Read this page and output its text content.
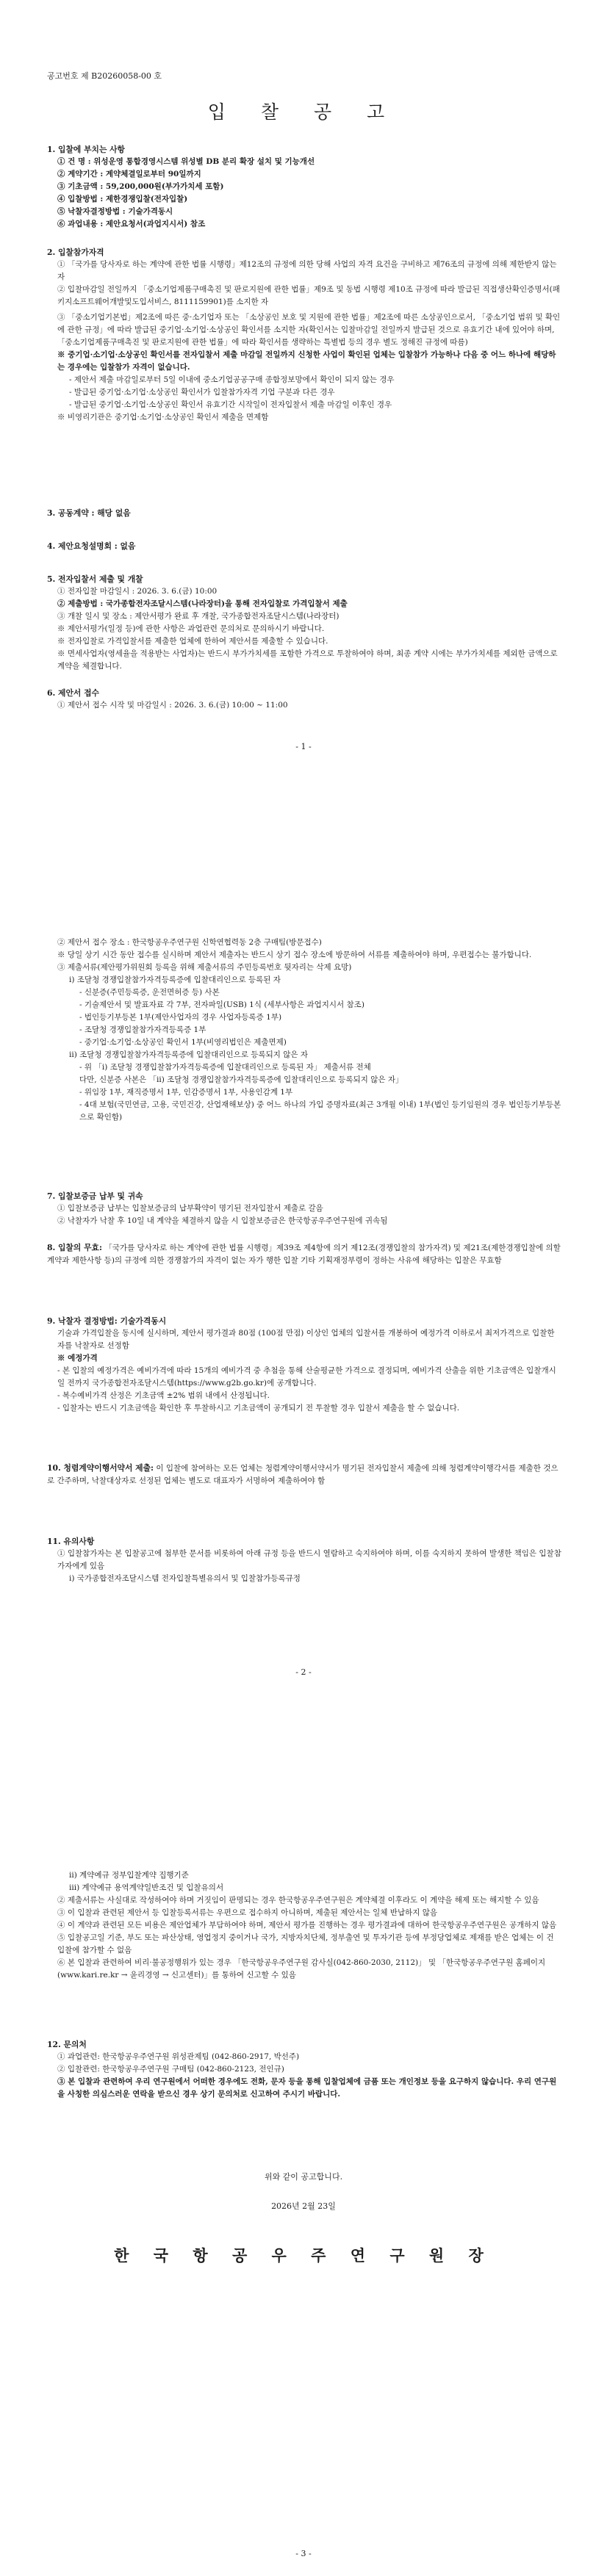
공고번호 제 B20260058-00 호
입 찰 공 고
1. 입찰에 부치는 사항
① 건 명 : 위성운영 통합경영시스템 위성별 DB 분리 확장 설치 및 기능개선
② 계약기간 : 계약체결일로부터 90일까지
③ 기초금액 : 59,200,000원(부가가치세 포함)
④ 입찰방법 : 제한경쟁입찰(전자입찰)
⑤ 낙찰자결정방법 : 기술가격동시
⑥ 과업내용 : 제안요청서(과업지시서) 참조
2. 입찰참가자격
① 「국가를 당사자로 하는 계약에 관한 법률 시행령」제12조의 규정에 의한 당해 사업의 자격 요건을 구비하고 제76조의 규정에 의해 제한받지 않는 자
② 입찰마감일 전일까지 「중소기업제품구매촉진 및 판로지원에 관한 법률」제9조 및 동법 시행령 제10조 규정에 따라 발급된 직접생산확인증명서(패키지소프트웨어개발및도입서비스, 8111159901)를 소지한 자
③ 「중소기업기본법」제2조에 따른 중·소기업자 또는 「소상공인 보호 및 지원에 관한 법률」제2조에 따른 소상공인으로서, 「중소기업 범위 및 확인에 관한 규정」에 따라 발급된 중기업·소기업·소상공인 확인서를 소지한 자(확인서는 입찰마감일 전일까지 발급된 것으로 유효기간 내에 있어야 하며, 「중소기업제품구매촉진 및 판로지원에 관한 법률」에 따라 확인서를 생략하는 특별법 등의 경우 별도 정해진 규정에 따름)
※ 중기업·소기업·소상공인 확인서를 전자입찰서 제출 마감일 전일까지 신청한 사업이 확인된 업체는 입찰참가 가능하나 다음 중 어느 하나에 해당하는 경우에는 입찰참가 자격이 없습니다.
- 제안서 제출 마감일로부터 5일 이내에 중소기업공공구매 종합정보망에서 확인이 되지 않는 경우
- 발급된 중기업·소기업·소상공인 확인서가 입찰참가자격 기업 구분과 다른 경우
- 발급된 중기업·소기업·소상공인 확인서 유효기간 시작일이 전자입찰서 제출 마감일 이후인 경우
※ 비영리기관은 중기업·소기업·소상공인 확인서 제출을 면제함
3. 공동계약 : 해당 없음
4. 제안요청설명회 : 없음
5. 전자입찰서 제출 및 개찰
① 전자입찰 마감일시 : 2026. 3. 6.(금) 10:00
② 제출방법 : 국가종합전자조달시스템(나라장터)을 통해 전자입찰로 가격입찰서 제출
③ 개찰 일시 및 장소 : 제안서평가 완료 후 개찰, 국가종합전자조달시스템(나라장터)
※ 제안서평가(일정 등)에 관한 사항은 과업관련 문의처로 문의하시기 바랍니다.
※ 전자입찰로 가격입찰서를 제출한 업체에 한하여 제안서를 제출할 수 있습니다.
※ 면세사업자(영세율을 적용받는 사업자)는 반드시 부가가치세를 포함한 가격으로 투찰하여야 하며, 최종 계약 시에는 부가가치세를 제외한 금액으로 계약을 체결합니다.
6. 제안서 접수
① 제안서 접수 시작 및 마감일시 : 2026. 3. 6.(금) 10:00 ~ 11:00
- 1 -
② 제안서 접수 장소 : 한국항공우주연구원 신학연협력동 2층 구매팀(방문접수)
※ 당일 상기 시간 동안 접수를 실시하며 제안서 제출자는 반드시 상기 접수 장소에 방문하여 서류를 제출하여야 하며, 우편접수는 불가합니다.
③ 제출서류(제안평가위원회 등록을 위해 제출서류의 주민등록번호 뒷자리는 삭제 요망)
ⅰ) 조달청 경쟁입찰참가자격등록증에 입찰대리인으로 등록된 자
- 신분증(주민등록증, 운전면허증 등) 사본
- 기술제안서 및 발표자료 각 7부, 전자파일(USB) 1식 (세부사항은 과업지시서 참조)
- 법인등기부등본 1부(제안사업자의 경우 사업자등록증 1부)
- 조달청 경쟁입찰참가자격등록증 1부
- 중기업·소기업·소상공인 확인서 1부(비영리법인은 제출면제)
ⅱ) 조달청 경쟁입찰참가자격등록증에 입찰대리인으로 등록되지 않은 자
- 위 「ⅰ) 조달청 경쟁입찰참가자격등록증에 입찰대리인으로 등록된 자」 제출서류 전체
다만, 신분증 사본은 「ⅱ) 조달청 경쟁입찰참가자격등록증에 입찰대리인으로 등록되지 않은 자」
- 위임장 1부, 재직증명서 1부, 인감증명서 1부, 사용인감계 1부
- 4대 보험(국민연금, 고용, 국민건강, 산업재해보상) 중 어느 하나의 가입 증명자료(최근 3개월 이내) 1부(법인 등기임원의 경우 법인등기부등본으로 확인함)
7. 입찰보증금 납부 및 귀속
① 입찰보증금 납부는 입찰보증금의 납부확약이 명기된 전자입찰서 제출로 갈음
② 낙찰자가 낙찰 후 10일 내 계약을 체결하지 않을 시 입찰보증금은 한국항공우주연구원에 귀속됨
8. 입찰의 무효: 「국가를 당사자로 하는 계약에 관한 법률 시행령」제39조 제4항에 의거 제12조(경쟁입찰의 참가자격) 및 제21조(제한경쟁입찰에 의할 계약과 제한사항 등)의 규정에 의한 경쟁참가의 자격이 없는 자가 행한 입찰 기타 기획재정부령이 정하는 사유에 해당하는 입찰은 무효함
9. 낙찰자 결정방법: 기술가격동시
기술과 가격입찰을 동시에 실시하며, 제안서 평가결과 80점 (100점 만점) 이상인 업체의 입찰서를 개봉하여 예정가격 이하로서 최저가격으로 입찰한 자를 낙찰자로 선정함
※ 예정가격
- 본 입찰의 예정가격은 예비가격에 따라 15개의 예비가격 중 추첨을 통해 산술평균한 가격으로 결정되며, 예비가격 산출을 위한 기초금액은 입찰개시일 전까지 국가종합전자조달시스템(https://www.g2b.go.kr)에 공개합니다.
- 복수예비가격 산정은 기초금액 ±2% 범위 내에서 산정됩니다.
- 입찰자는 반드시 기초금액을 확인한 후 투찰하시고 기초금액이 공개되기 전 투찰할 경우 입찰서 제출을 할 수 없습니다.
10. 청렴계약이행서약서 제출: 이 입찰에 참여하는 모든 업체는 청렴계약이행서약서가 명기된 전자입찰서 제출에 의해 청렴계약이행각서를 제출한 것으로 간주하며, 낙찰대상자로 선정된 업체는 별도로 대표자가 서명하여 제출하여야 함
11. 유의사항
① 입찰참가자는 본 입찰공고에 첨부한 문서를 비롯하여 아래 규정 등을 반드시 열람하고 숙지하여야 하며, 이를 숙지하지 못하여 발생한 책임은 입찰참가자에게 있음
ⅰ) 국가종합전자조달시스템 전자입찰특별유의서 및 입찰참가등록규정
- 2 -
ⅱ) 계약예규 정부입찰계약 집행기준
ⅲ) 계약예규 용역계약일반조건 및 입찰유의서
② 제출서류는 사실대로 작성하여야 하며 거짓임이 판명되는 경우 한국항공우주연구원은 계약체결 이후라도 이 계약을 해제 또는 해지할 수 있음
③ 이 입찰과 관련된 제안서 등 입찰등록서류는 우편으로 접수하지 아니하며, 제출된 제안서는 일체 반납하지 않음
④ 이 계약과 관련된 모든 비용은 제안업체가 부담하여야 하며, 제안서 평가를 진행하는 경우 평가결과에 대하여 한국항공우주연구원은 공개하지 않음
⑤ 입찰공고일 기준, 부도 또는 파산상태, 영업정지 중이거나 국가, 지방자치단체, 정부출연 및 투자기관 등에 부정당업체로 제재를 받은 업체는 이 건 입찰에 참가할 수 없음
⑥ 본 입찰과 관련하여 비리·불공정행위가 있는 경우 「한국항공우주연구원 감사실(042-860-2030, 2112)」 및 「한국항공우주연구원 홈페이지(www.kari.re.kr → 윤리경영 → 신고센터)」를 통하여 신고할 수 있음
12. 문의처
① 과업관련: 한국항공우주연구원 위성관제팀 (042-860-2917, 박선주)
② 입찰관련: 한국항공우주연구원 구매팀 (042-860-2123, 전인규)
③ 본 입찰과 관련하여 우리 연구원에서 어떠한 경우에도 전화, 문자 등을 통해 입찰업체에 금품 또는 개인정보 등을 요구하지 않습니다. 우리 연구원을 사칭한 의심스러운 연락을 받으신 경우 상기 문의처로 신고하여 주시기 바랍니다.
위와 같이 공고합니다.
2026년 2월 23일
한 국 항 공 우 주 연 구 원 장
- 3 -
